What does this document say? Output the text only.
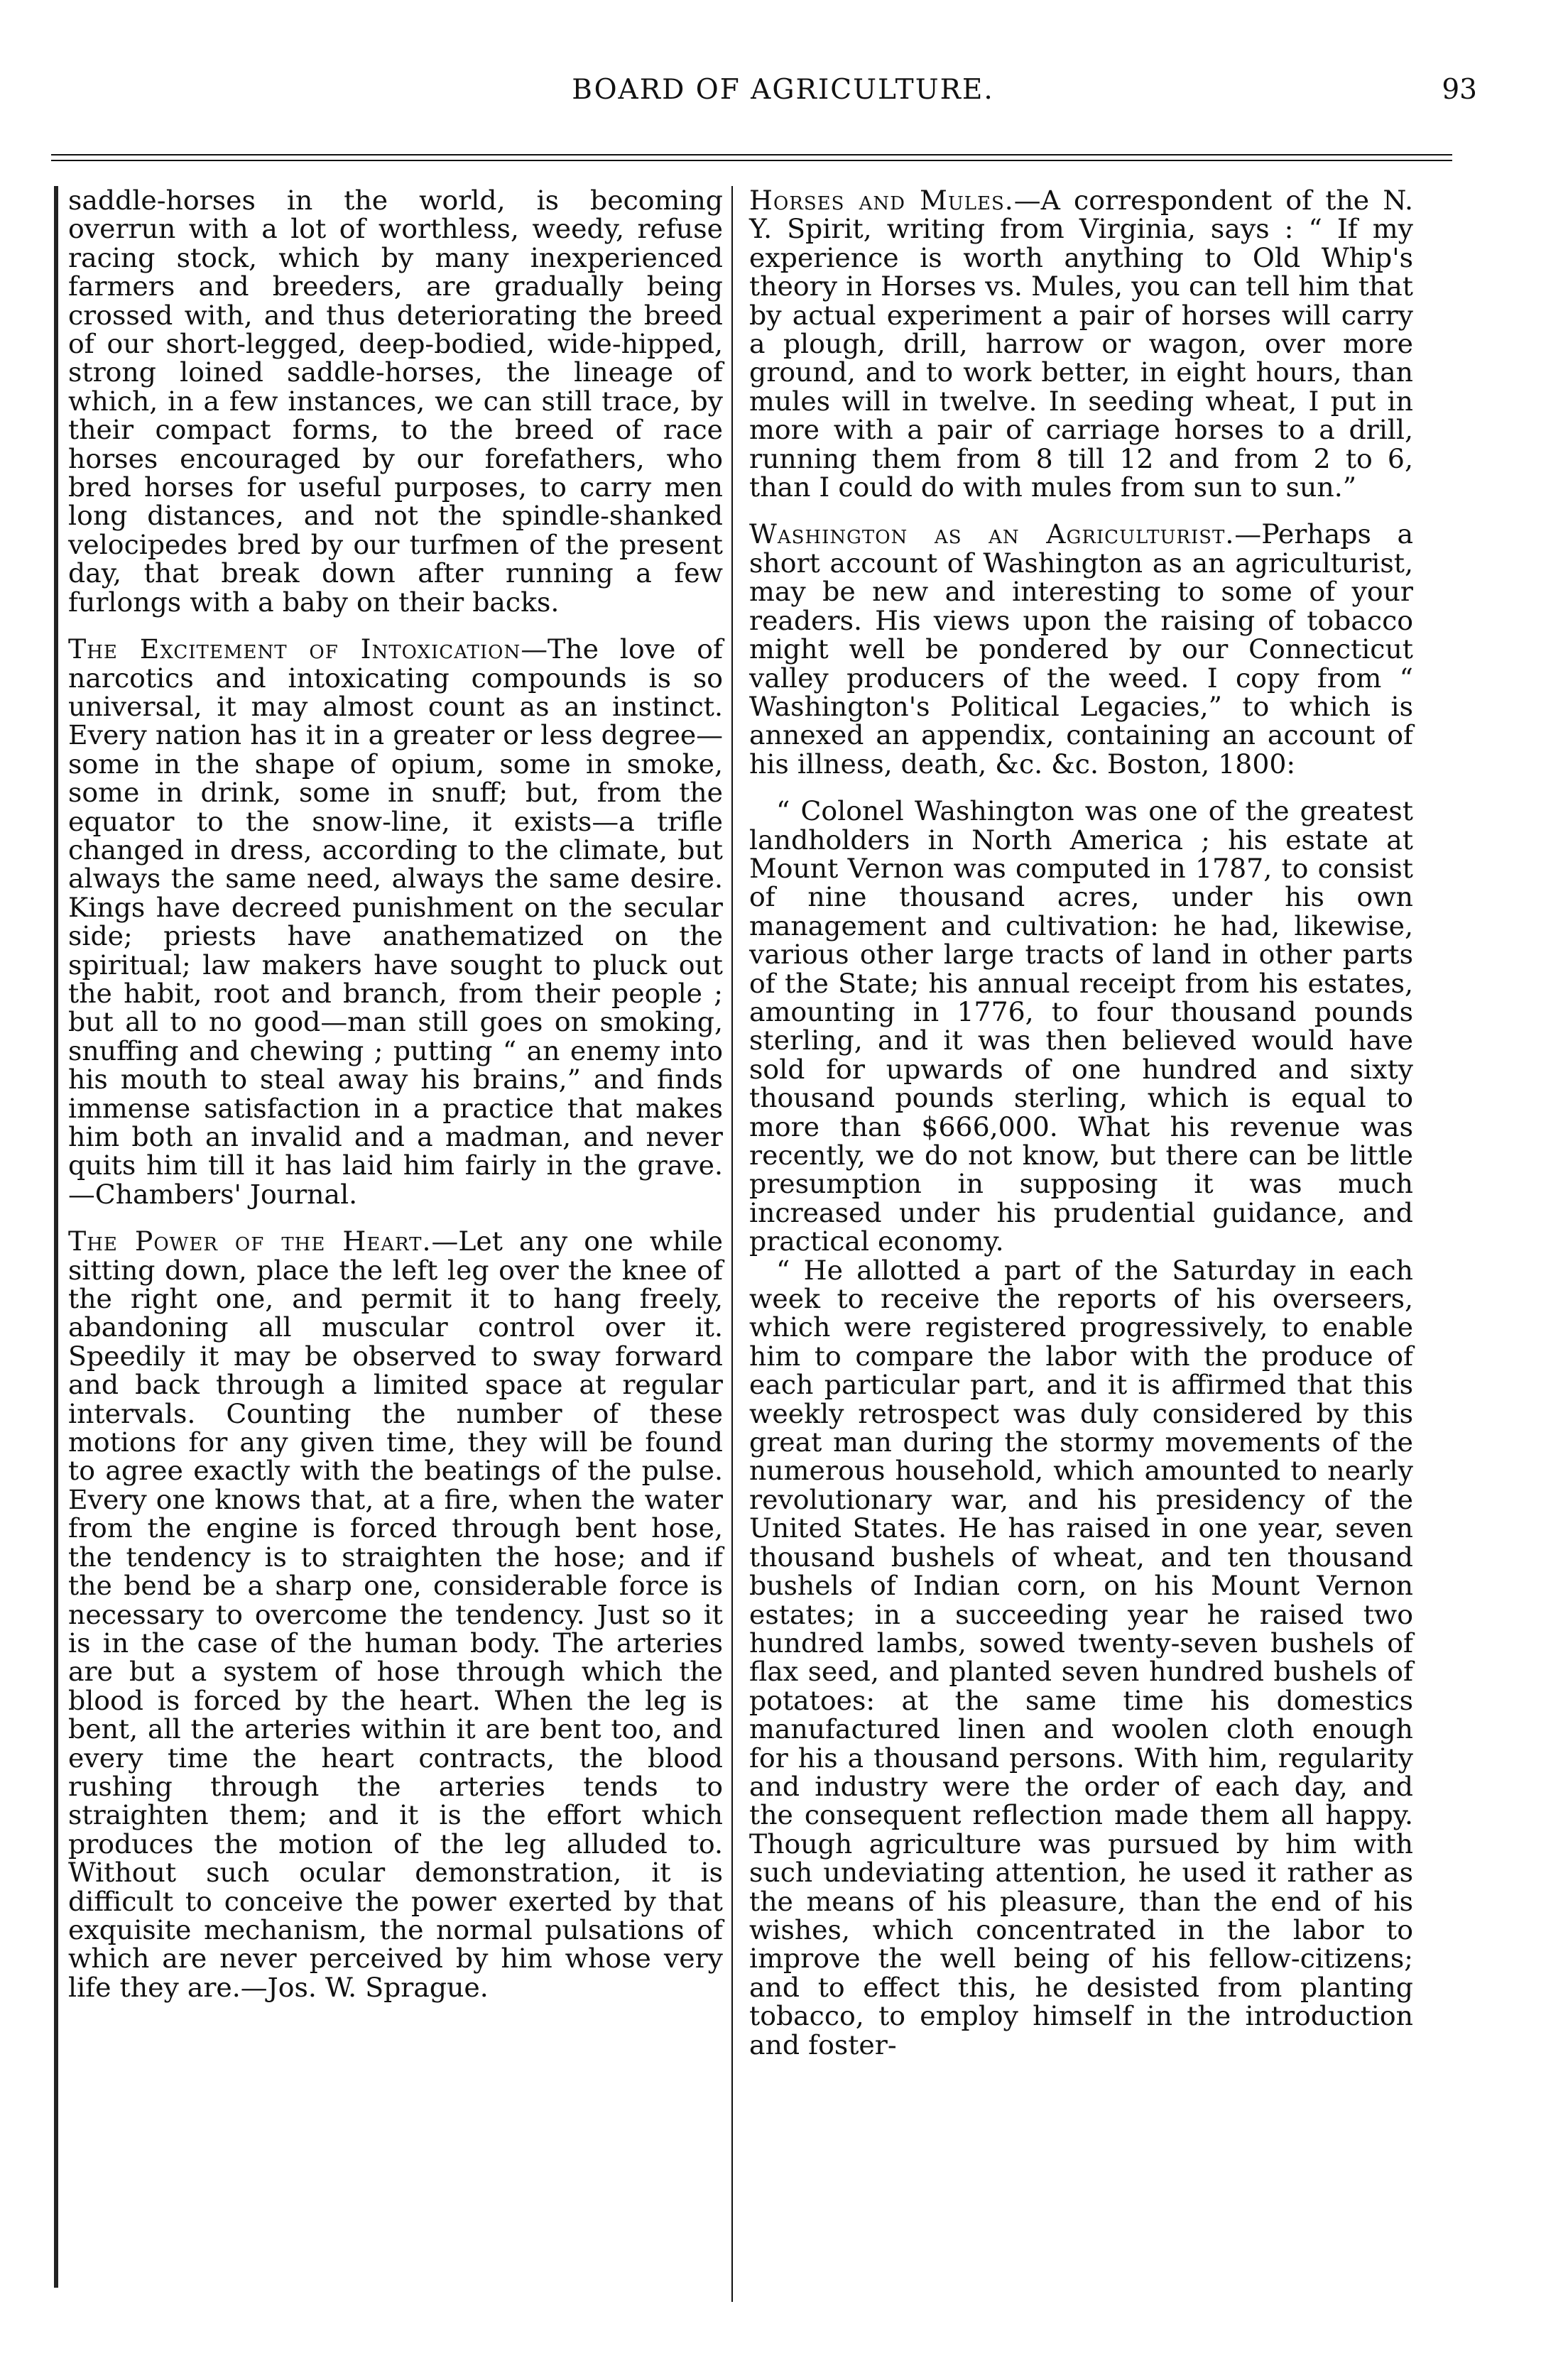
BOARD OF AGRICULTURE.	93

saddle-horses in the world, is becoming overrun with a lot of worthless, weedy, refuse racing stock, which by many inexperienced farmers and breeders, are gradually being crossed with, and thus deteriorating the breed of our short-legged, deep-bodied, wide-hipped, strong loined saddle-horses, the lineage of which, in a few instances, we can still trace, by their compact forms, to the breed of race horses encouraged by our forefathers, who bred horses for useful purposes, to carry men long distances, and not the spindle-shanked velocipedes bred by our turfmen of the present day, that break down after running a few furlongs with a baby on their backs.

The Excitement of Intoxication—The love of narcotics and intoxicating compounds is so universal, it may almost count as an instinct. Every nation has it in a greater or less degree—some in the shape of opium, some in smoke, some in drink, some in snuff; but, from the equator to the snow-line, it exists—a trifle changed in dress, according to the climate, but always the same need, always the same desire. Kings have decreed punishment on the secular side; priests have anathematized on the spiritual; law makers have sought to pluck out the habit, root and branch, from their people ; but all to no good—man still goes on smoking, snuffing and chewing ; putting “ an enemy into his mouth to steal away his brains,” and finds immense satisfaction in a practice that makes him both an invalid and a madman, and never quits him till it has laid him fairly in the grave.—Chambers' Journal.

The Power of the Heart.—Let any one while sitting down, place the left leg over the knee of the right one, and permit it to hang freely, abandoning all muscular control over it. Speedily it may be observed to sway forward and back through a limited space at regular intervals. Counting the number of these motions for any given time, they will be found to agree exactly with the beatings of the pulse. Every one knows that, at a fire, when the water from the engine is forced through bent hose, the tendency is to straighten the hose; and if the bend be a sharp one, considerable force is necessary to overcome the tendency. Just so it is in the case of the human body. The arteries are but a system of hose through which the blood is forced by the heart. When the leg is bent, all the arteries within it are bent too, and every time the heart contracts, the blood rushing through the arteries tends to straighten them; and it is the effort which produces the motion of the leg alluded to. Without such ocular demonstration, it is difficult to conceive the power exerted by that exquisite mechanism, the normal pulsations of which are never perceived by him whose very life they are.—Jos. W. Sprague.

Horses and Mules.—A correspondent of the N. Y. Spirit, writing from Virginia, says : “ If my experience is worth anything to Old Whip's theory in Horses vs. Mules, you can tell him that by actual experiment a pair of horses will carry a plough, drill, harrow or wagon, over more ground, and to work better, in eight hours, than mules will in twelve. In seeding wheat, I put in more with a pair of carriage horses to a drill, running them from 8 till 12 and from 2 to 6, than I could do with mules from sun to sun.”

Washington as an Agriculturist.—Perhaps a short account of Washington as an agriculturist, may be new and interesting to some of your readers. His views upon the raising of tobacco might well be pondered by our Connecticut valley producers of the weed. I copy from “ Washington's Political Legacies,” to which is annexed an appendix, containing an account of his illness, death, &c. &c. Boston, 1800:

“ Colonel Washington was one of the greatest landholders in North America ; his estate at Mount Vernon was computed in 1787, to consist of nine thousand acres, under his own management and cultivation: he had, likewise, various other large tracts of land in other parts of the State; his annual receipt from his estates, amounting in 1776, to four thousand pounds sterling, and it was then believed would have sold for upwards of one hundred and sixty thousand pounds sterling, which is equal to more than $666,000. What his revenue was recently, we do not know, but there can be little presumption in supposing it was much increased under his prudential guidance, and practical economy.

“ He allotted a part of the Saturday in each week to receive the reports of his overseers, which were registered progressively, to enable him to compare the labor with the produce of each particular part, and it is affirmed that this weekly retrospect was duly considered by this great man during the stormy movements of the numerous household, which amounted to nearly revolutionary war, and his presidency of the United States. He has raised in one year, seven thousand bushels of wheat, and ten thousand bushels of Indian corn, on his Mount Vernon estates; in a succeeding year he raised two hundred lambs, sowed twenty-seven bushels of flax seed, and planted seven hundred bushels of potatoes: at the same time his domestics manufactured linen and woolen cloth enough for his a thousand persons. With him, regularity and industry were the order of each day, and the consequent reflection made them all happy. Though agriculture was pursued by him with such undeviating attention, he used it rather as the means of his pleasure, than the end of his wishes, which concentrated in the labor to improve the well being of his fellow-citizens; and to effect this, he desisted from planting tobacco, to employ himself in the introduction and foster-
